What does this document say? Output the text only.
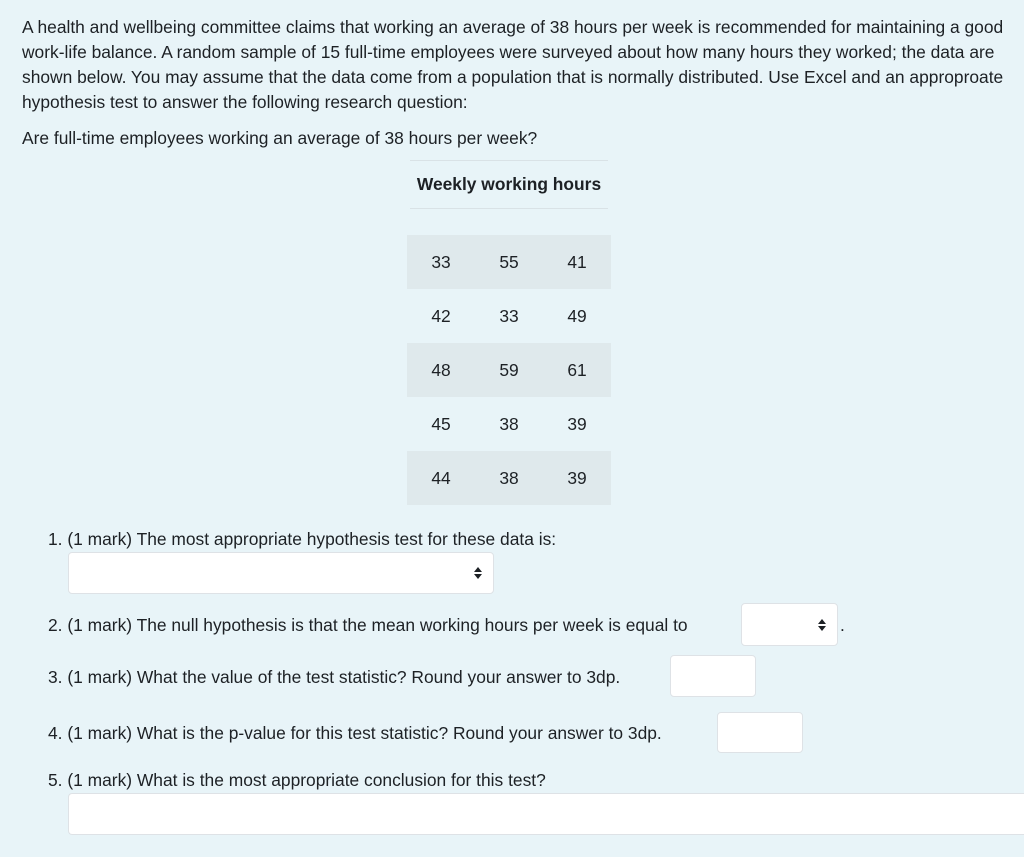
A health and wellbeing committee claims that working an average of 38 hours per week is recommended for maintaining a good work-life balance. A random sample of 15 full-time employees were surveyed about how many hours they worked; the data are shown below. You may assume that the data come from a population that is normally distributed. Use Excel and an approproate hypothesis test to answer the following research question:

Are full-time employees working an average of 38 hours per week?

Weekly working hours
33	55	41
42	33	49
48	59	61
45	38	39
44	38	39
1. (1 mark) The most appropriate hypothesis test for these data is:
2. (1 mark) The null hypothesis is that the mean working hours per week is equal to	.
3. (1 mark) What the value of the test statistic? Round your answer to 3dp.
4. (1 mark) What is the p-value for this test statistic? Round your answer to 3dp.
5. (1 mark) What is the most appropriate conclusion for this test?
